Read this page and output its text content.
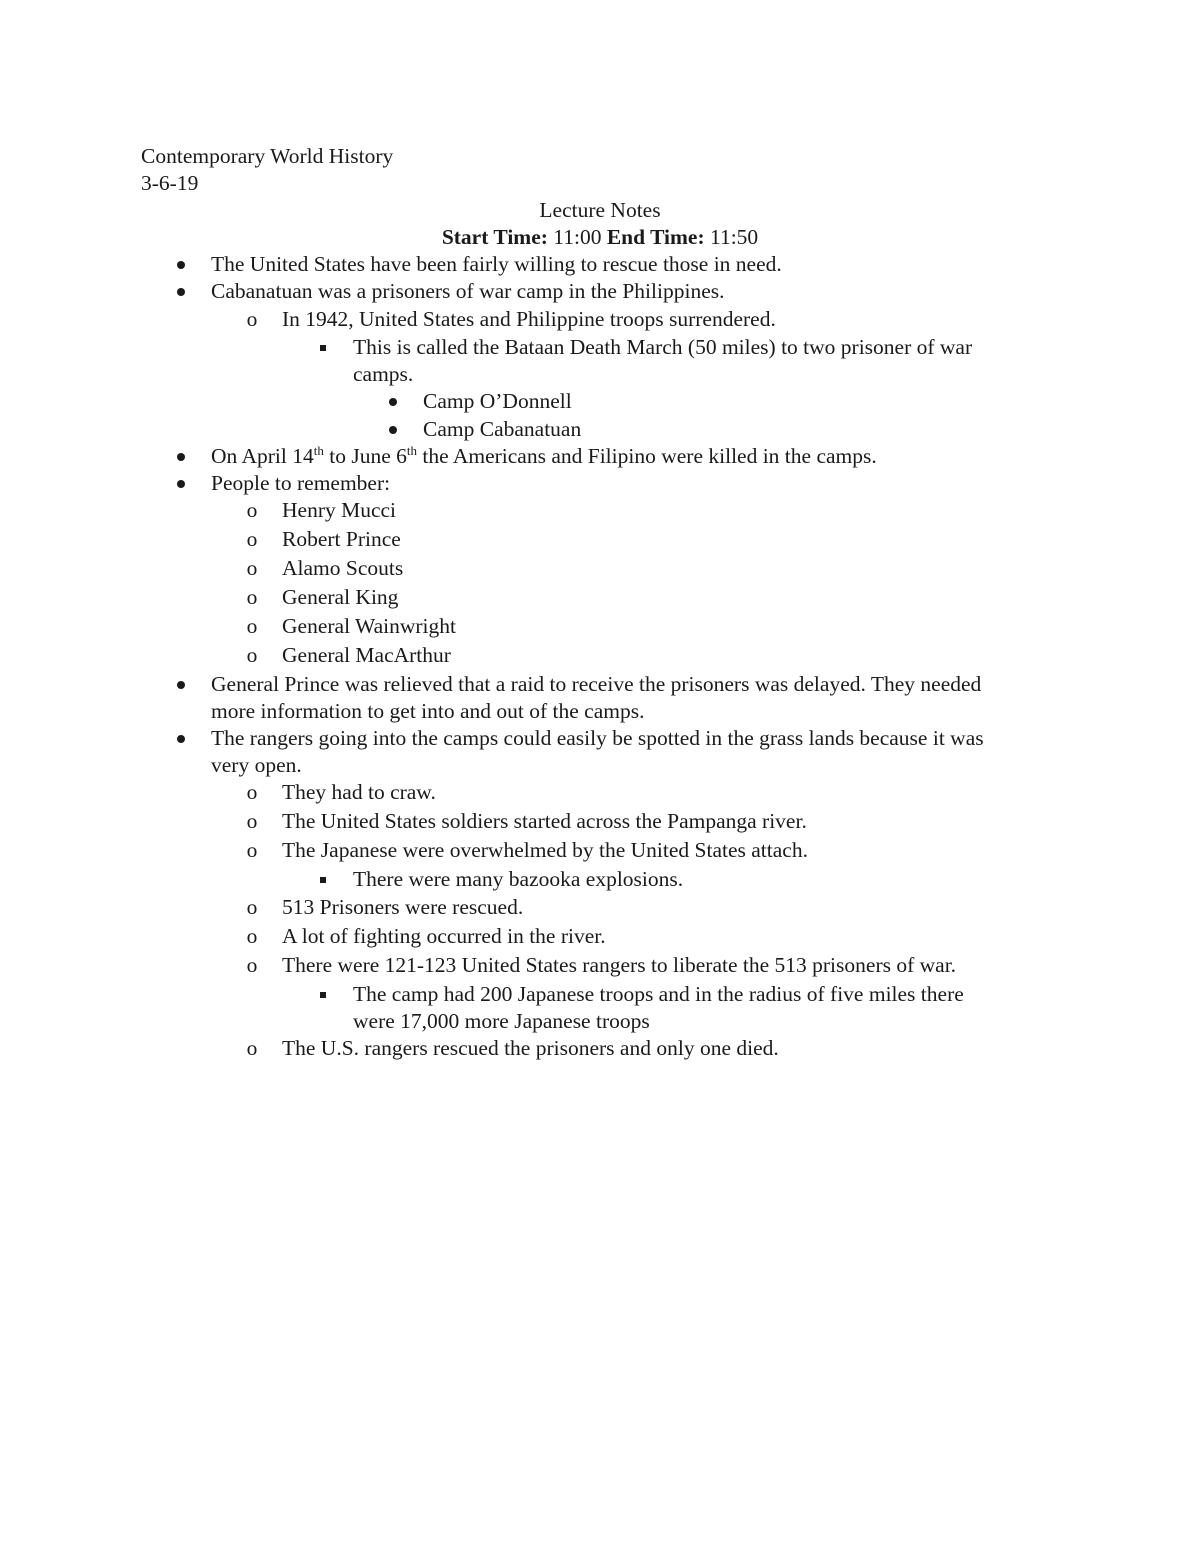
Contemporary World History
3-6-19
Lecture Notes
Start Time: 11:00 End Time: 11:50
The United States have been fairly willing to rescue those in need.
Cabanatuan was a prisoners of war camp in the Philippines.
o	In 1942, United States and Philippine troops surrendered.
This is called the Bataan Death March (50 miles) to two prisoner of war
camps.
Camp O’Donnell
Camp Cabanatuan
On April 14th to June 6th the Americans and Filipino were killed in the camps.
People to remember:
o	Henry Mucci
o	Robert Prince
o	Alamo Scouts
o	General King
o	General Wainwright
o	General MacArthur
General Prince was relieved that a raid to receive the prisoners was delayed. They needed
more information to get into and out of the camps.
The rangers going into the camps could easily be spotted in the grass lands because it was
very open.
o	They had to craw.
o	The United States soldiers started across the Pampanga river.
o	The Japanese were overwhelmed by the United States attach.
There were many bazooka explosions.
o	513 Prisoners were rescued.
o	A lot of fighting occurred in the river.
o	There were 121-123 United States rangers to liberate the 513 prisoners of war.
The camp had 200 Japanese troops and in the radius of five miles there
were 17,000 more Japanese troops
o	The U.S. rangers rescued the prisoners and only one died.
